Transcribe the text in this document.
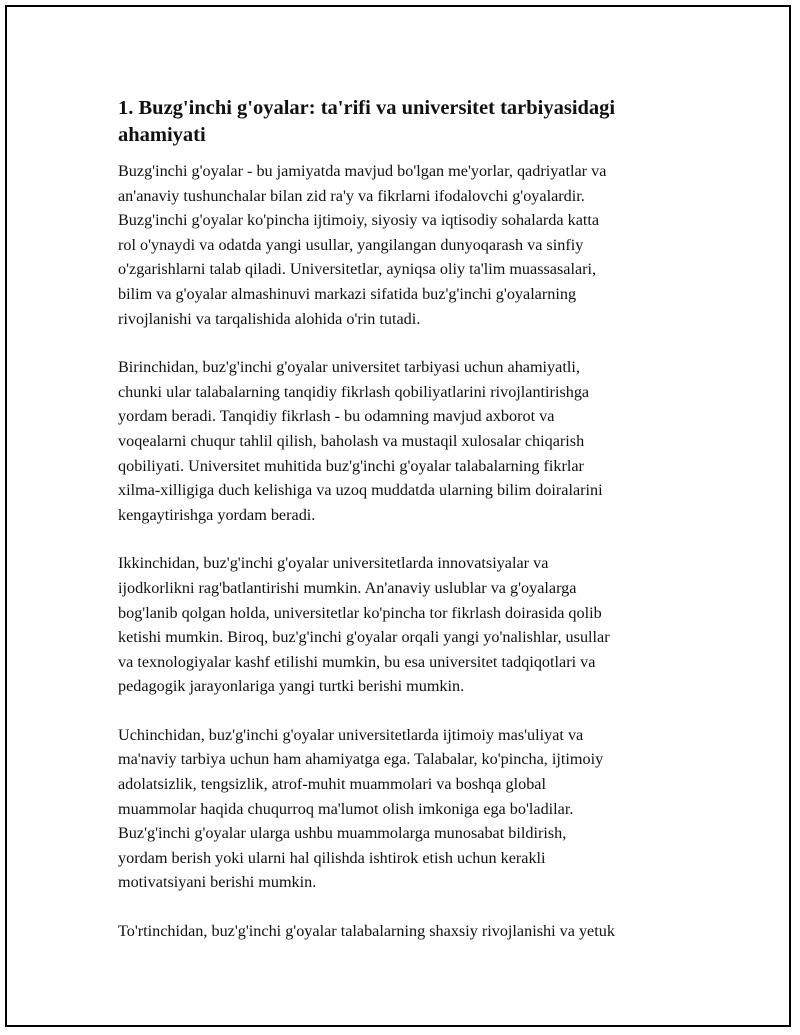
1. Buzg'inchi g'oyalar: ta'rifi va universitet tarbiyasidagi
ahamiyati
Buzg'inchi g'oyalar - bu jamiyatda mavjud bo'lgan me'yorlar, qadriyatlar va
an'anaviy tushunchalar bilan zid ra'y va fikrlarni ifodalovchi g'oyalardir.
Buzg'inchi g'oyalar ko'pincha ijtimoiy, siyosiy va iqtisodiy sohalarda katta
rol o'ynaydi va odatda yangi usullar, yangilangan dunyoqarash va sinfiy
o'zgarishlarni talab qiladi. Universitetlar, ayniqsa oliy ta'lim muassasalari,
bilim va g'oyalar almashinuvi markazi sifatida buz'g'inchi g'oyalarning
rivojlanishi va tarqalishida alohida o'rin tutadi.
Birinchidan, buz'g'inchi g'oyalar universitet tarbiyasi uchun ahamiyatli,
chunki ular talabalarning tanqidiy fikrlash qobiliyatlarini rivojlantirishga
yordam beradi. Tanqidiy fikrlash - bu odamning mavjud axborot va
voqealarni chuqur tahlil qilish, baholash va mustaqil xulosalar chiqarish
qobiliyati. Universitet muhitida buz'g'inchi g'oyalar talabalarning fikrlar
xilma-xilligiga duch kelishiga va uzoq muddatda ularning bilim doiralarini
kengaytirishga yordam beradi.
Ikkinchidan, buz'g'inchi g'oyalar universitetlarda innovatsiyalar va
ijodkorlikni rag'batlantirishi mumkin. An'anaviy uslublar va g'oyalarga
bog'lanib qolgan holda, universitetlar ko'pincha tor fikrlash doirasida qolib
ketishi mumkin. Biroq, buz'g'inchi g'oyalar orqali yangi yo'nalishlar, usullar
va texnologiyalar kashf etilishi mumkin, bu esa universitet tadqiqotlari va
pedagogik jarayonlariga yangi turtki berishi mumkin.
Uchinchidan, buz'g'inchi g'oyalar universitetlarda ijtimoiy mas'uliyat va
ma'naviy tarbiya uchun ham ahamiyatga ega. Talabalar, ko'pincha, ijtimoiy
adolatsizlik, tengsizlik, atrof-muhit muammolari va boshqa global
muammolar haqida chuqurroq ma'lumot olish imkoniga ega bo'ladilar.
Buz'g'inchi g'oyalar ularga ushbu muammolarga munosabat bildirish,
yordam berish yoki ularni hal qilishda ishtirok etish uchun kerakli
motivatsiyani berishi mumkin.
To'rtinchidan, buz'g'inchi g'oyalar talabalarning shaxsiy rivojlanishi va yetuk
